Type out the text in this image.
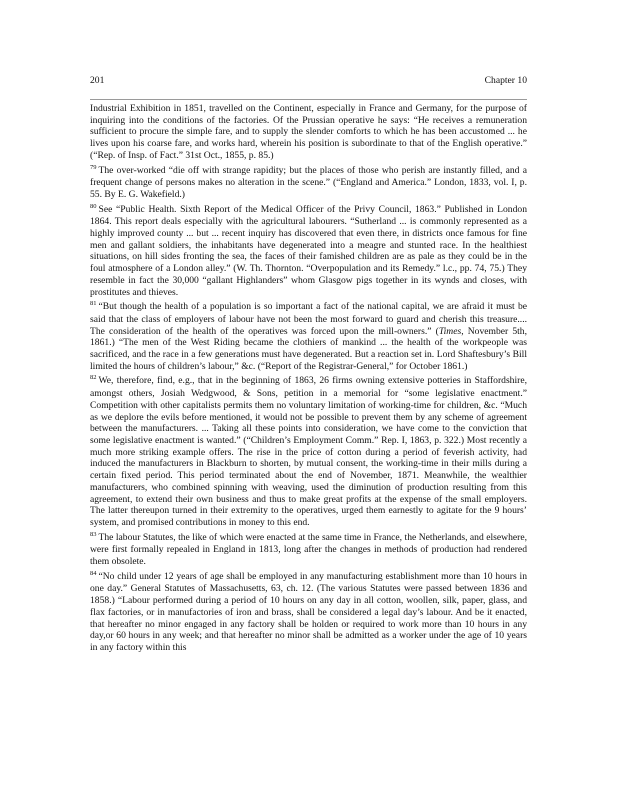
201	Chapter 10

Industrial Exhibition in 1851, travelled on the Continent, especially in France and Germany, for the purpose of inquiring into the conditions of the factories. Of the Prussian operative he says: “He receives a remuneration sufficient to procure the simple fare, and to supply the slender comforts to which he has been accustomed ... he lives upon his coarse fare, and works hard, wherein his position is subordinate to that of the English operative.” (“Rep. of Insp. of Fact.” 31st Oct., 1855, p. 85.)

$^{79}$ The over-worked “die off with strange rapidity; but the places of those who perish are instantly filled, and a frequent change of persons makes no alteration in the scene.” (“England and America.” London, 1833, vol. I, p. 55. By E. G. Wakefield.)

$^{80}$ See “Public Health. Sixth Report of the Medical Officer of the Privy Council, 1863.” Published in London 1864. This report deals especially with the agricultural labourers. “Sutherland ... is commonly represented as a highly improved county ... but ... recent inquiry has discovered that even there, in districts once famous for fine men and gallant soldiers, the inhabitants have degenerated into a meagre and stunted race. In the healthiest situations, on hill sides fronting the sea, the faces of their famished children are as pale as they could be in the foul atmosphere of a London alley.” (W. Th. Thornton. “Overpopulation and its Remedy.” l.c., pp. 74, 75.) They resemble in fact the 30,000 “gallant Highlanders” whom Glasgow pigs together in its wynds and closes, with prostitutes and thieves.

$^{81}$ “But though the health of a population is so important a fact of the national capital, we are afraid it must be said that the class of employers of labour have not been the most forward to guard and cherish this treasure.... The consideration of the health of the operatives was forced upon the mill-owners.” (Times, November 5th, 1861.) “The men of the West Riding became the clothiers of mankind ... the health of the workpeople was sacrificed, and the race in a few generations must have degenerated. But a reaction set in. Lord Shaftesbury’s Bill limited the hours of children’s labour,” &c. (“Report of the Registrar-General,” for October 1861.)

$^{82}$ We, therefore, find, e.g., that in the beginning of 1863, 26 firms owning extensive potteries in Staffordshire, amongst others, Josiah Wedgwood, & Sons, petition in a memorial for “some legislative enactment.” Competition with other capitalists permits them no voluntary limitation of working-time for children, &c. “Much as we deplore the evils before mentioned, it would not be possible to prevent them by any scheme of agreement between the manufacturers. ... Taking all these points into consideration, we have come to the conviction that some legislative enactment is wanted.” (“Children’s Employment Comm.” Rep. I, 1863, p. 322.) Most recently a much more striking example offers. The rise in the price of cotton during a period of feverish activity, had induced the manufacturers in Blackburn to shorten, by mutual consent, the working-time in their mills during a certain fixed period. This period terminated about the end of November, 1871. Meanwhile, the wealthier manufacturers, who combined spinning with weaving, used the diminution of production resulting from this agreement, to extend their own business and thus to make great profits at the expense of the small employers. The latter thereupon turned in their extremity to the operatives, urged them earnestly to agitate for the 9 hours’ system, and promised contributions in money to this end.

$^{83}$ The labour Statutes, the like of which were enacted at the same time in France, the Netherlands, and elsewhere, were first formally repealed in England in 1813, long after the changes in methods of production had rendered them obsolete.

$^{84}$ “No child under 12 years of age shall be employed in any manufacturing establishment more than 10 hours in one day.” General Statutes of Massachusetts, 63, ch. 12. (The various Statutes were passed between 1836 and 1858.) “Labour performed during a period of 10 hours on any day in all cotton, woollen, silk, paper, glass, and flax factories, or in manufactories of iron and brass, shall be considered a legal day’s labour. And be it enacted, that hereafter no minor engaged in any factory shall be holden or required to work more than 10 hours in any day,or 60 hours in any week; and that hereafter no minor shall be admitted as a worker under the age of 10 years in any factory within this
